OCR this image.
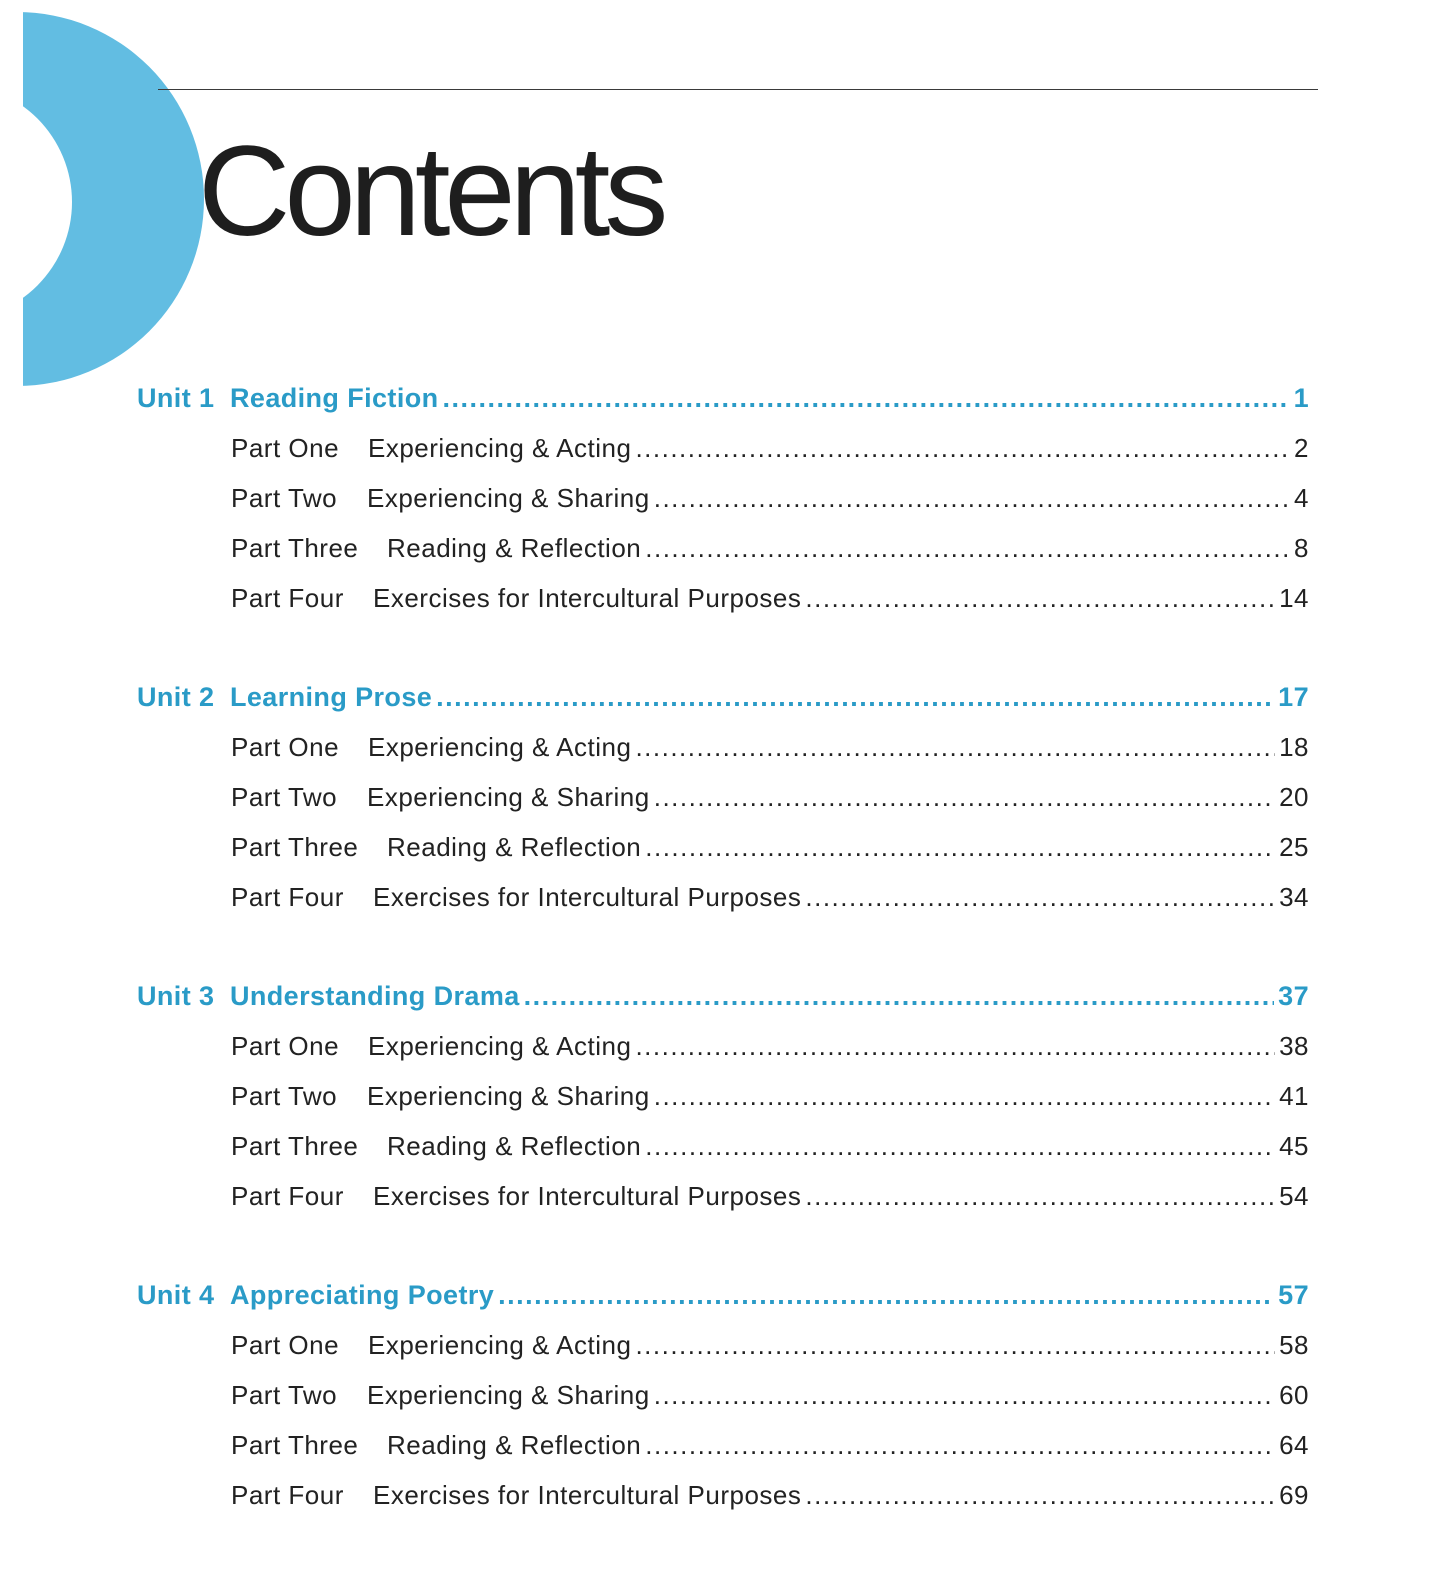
Contents
Unit 1 Reading Fiction .....	1
Part One	Experiencing & Acting .....	2
Part Two	Experiencing & Sharing .....	4
Part Three	Reading & Reflection .....	8
Part Four	Exercises for Intercultural Purposes .....	14
Unit 2 Learning Prose .....	17
Part One	Experiencing & Acting .....	18
Part Two	Experiencing & Sharing .....	20
Part Three	Reading & Reflection .....	25
Part Four	Exercises for Intercultural Purposes .....	34
Unit 3 Understanding Drama .....	37
Part One	Experiencing & Acting .....	38
Part Two	Experiencing & Sharing .....	41
Part Three	Reading & Reflection .....	45
Part Four	Exercises for Intercultural Purposes .....	54
Unit 4 Appreciating Poetry .....	57
Part One	Experiencing & Acting .....	58
Part Two	Experiencing & Sharing .....	60
Part Three	Reading & Reflection .....	64
Part Four	Exercises for Intercultural Purposes .....	69
